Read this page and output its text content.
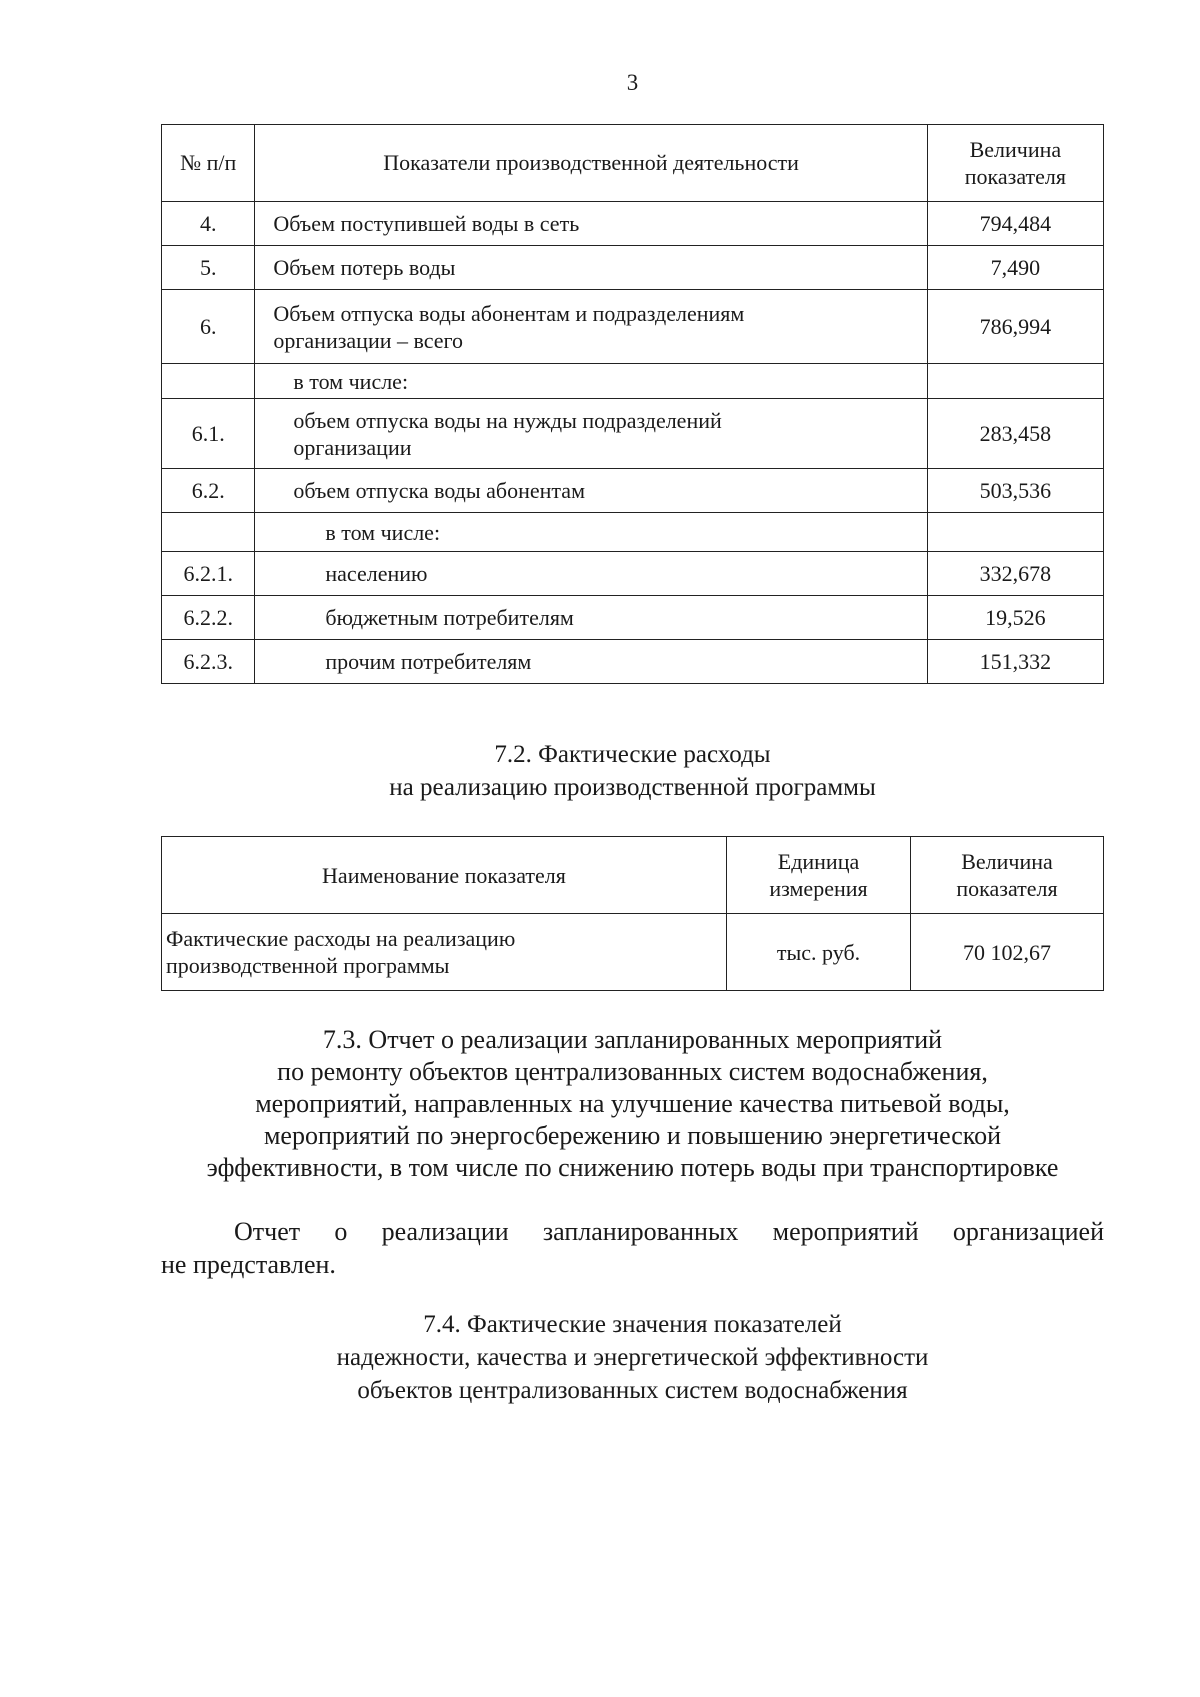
3
№ п/п	Показатели производственной деятельности	Величина показателя

4.	Объем поступившей воды в сеть	794,484
5.	Объем потерь воды	7,490
6.	Объем отпуска воды абонентам и подразделениям организации – всего	786,994
	в том числе:	
6.1.	объем отпуска воды на нужды подразделений организации	283,458
6.2.	объем отпуска воды абонентам	503,536
	в том числе:	
6.2.1.	населению	332,678
6.2.2.	бюджетным потребителям	19,526
6.2.3.	прочим потребителям	151,332
7.2. Фактические расходы
на реализацию производственной программы
Наименование показателя	Единица измерения	Величина показателя

Фактические расходы на реализацию производственной программы	тыс. руб.	70 102,67
7.3. Отчет о реализации запланированных мероприятий
по ремонту объектов централизованных систем водоснабжения,
мероприятий, направленных на улучшение качества питьевой воды,
мероприятий по энергосбережению и повышению энергетической
эффективности, в том числе по снижению потерь воды при транспортировке
Отчет о реализации запланированных мероприятий организацией
не представлен.
7.4. Фактические значения показателей
надежности, качества и энергетической эффективности
объектов централизованных систем водоснабжения
